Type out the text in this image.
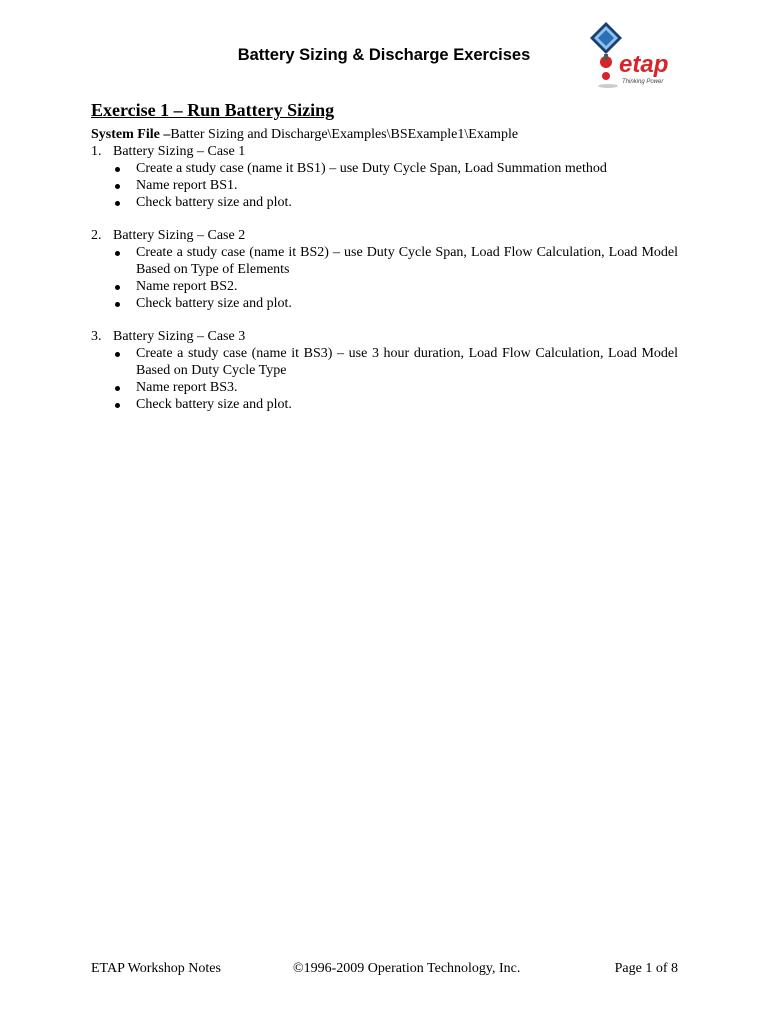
Battery Sizing & Discharge Exercises	etap
Thinking Power
Exercise 1 – Run Battery Sizing

System File –Batter Sizing and Discharge\Examples\BSExample1\Example

1. Battery Sizing – Case 1
Create a study case (name it BS1) – use Duty Cycle Span, Load Summation method
Name report BS1.
Check battery size and plot.
2. Battery Sizing – Case 2
Create a study case (name it BS2) – use Duty Cycle Span, Load Flow Calculation, Load Model Based on Type of Elements
Name report BS2.
Check battery size and plot.
3. Battery Sizing – Case 3
Create a study case (name it BS3) – use 3 hour duration, Load Flow Calculation, Load Model Based on Duty Cycle Type
Name report BS3.
Check battery size and plot.
ETAP Workshop Notes	©1996-2009 Operation Technology, Inc.	Page 1 of 8
